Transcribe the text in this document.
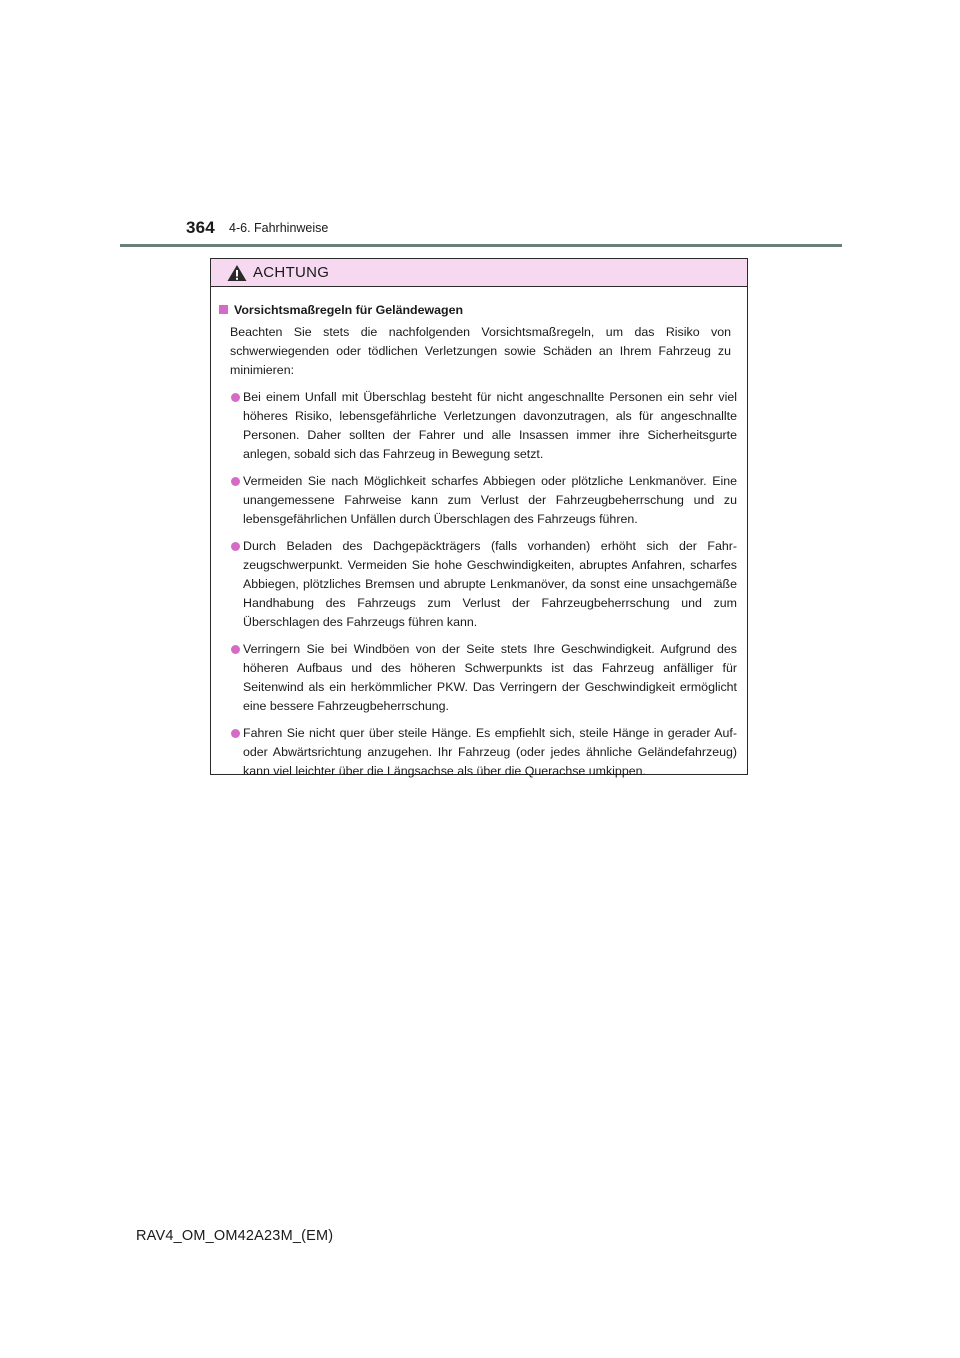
364 4-6. Fahrhinweise
ACHTUNG
Vorsichtsmaßregeln für Geländewagen
Beachten Sie stets die nachfolgenden Vorsichtsmaßregeln, um das Risiko von schwerwiegenden oder tödlichen Verletzungen sowie Schäden an Ihrem Fahrzeug zu minimieren:
Bei einem Unfall mit Überschlag besteht für nicht angeschnallte Personen ein sehr viel höheres Risiko, lebensgefährliche Verletzungen davonzutragen, als für angeschnallte Personen. Daher sollten der Fahrer und alle Insassen immer ihre Sicherheitsgurte anlegen, sobald sich das Fahrzeug in Bewegung setzt.
Vermeiden Sie nach Möglichkeit scharfes Abbiegen oder plötzliche Lenkmanöver. Eine unangemessene Fahrweise kann zum Verlust der Fahrzeugbeherrschung und zu lebensgefährlichen Unfällen durch Überschlagen des Fahrzeugs führen.
Durch Beladen des Dachgepäckträgers (falls vorhanden) erhöht sich der Fahrzeugschwerpunkt. Vermeiden Sie hohe Geschwindigkeiten, abruptes Anfahren, scharfes Abbiegen, plötzliches Bremsen und abrupte Lenkmanöver, da sonst eine unsachgemäße Handhabung des Fahrzeugs zum Verlust der Fahrzeugbeherrschung und zum Überschlagen des Fahrzeugs führen kann.
Verringern Sie bei Windböen von der Seite stets Ihre Geschwindigkeit. Aufgrund des höheren Aufbaus und des höheren Schwerpunkts ist das Fahrzeug anfälliger für Seitenwind als ein herkömmlicher PKW. Das Verringern der Geschwindigkeit ermöglicht eine bessere Fahrzeugbeherrschung.
Fahren Sie nicht quer über steile Hänge. Es empfiehlt sich, steile Hänge in gerader Auf- oder Abwärtsrichtung anzugehen. Ihr Fahrzeug (oder jedes ähnliche Geländefahrzeug) kann viel leichter über die Längsachse als über die Querachse umkippen.
RAV4_OM_OM42A23M_(EM)
